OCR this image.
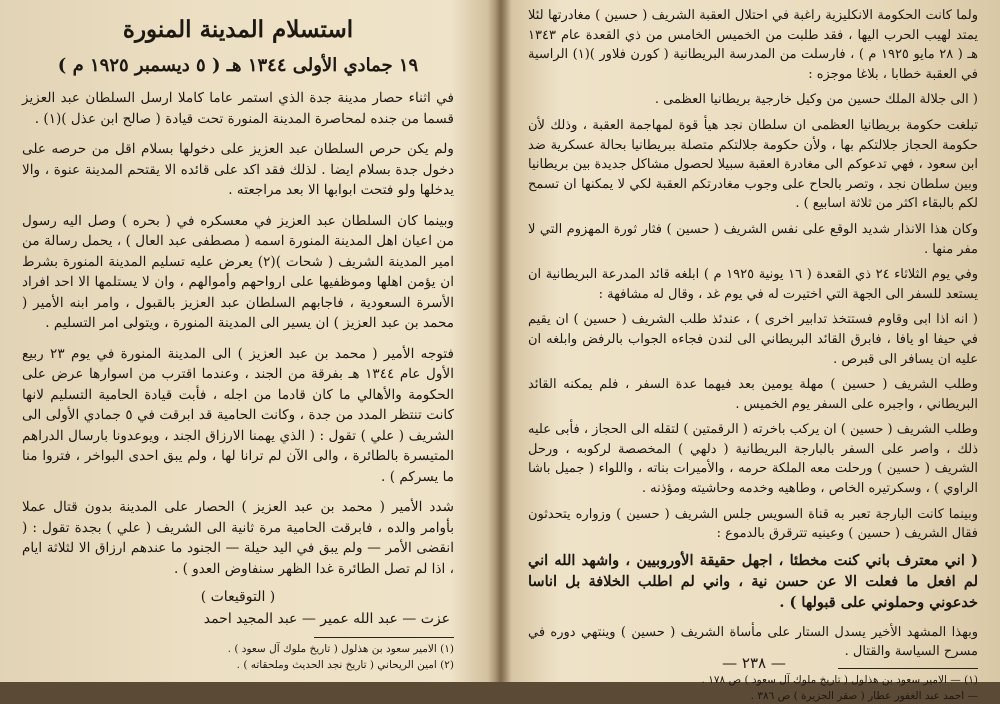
استسلام المدينة المنورة
١٩ جمادي الأولى ١٣٤٤ هـ ( ٥ ديسمبر ١٩٢٥ م )

في اثناء حصار مدينة جدة الذي استمر عاما كاملا ارسل السلطان عبد العزيز قسما من جنده لمحاصرة المدينة المنورة تحت قيادة ( صالح ابن عذل )(١) .

ولم يكن حرص السلطان عبد العزيز على دخولها بسلام اقل من حرصه على دخول جدة بسلام ايضا . لذلك فقد اكد على قائده الا يقتحم المدينة عنوة ، والا يدخلها ولو فتحت ابوابها الا بعد مراجعته .

وبينما كان السلطان عبد العزيز في معسكره في ( بحره ) وصل اليه رسول من اعيان اهل المدينة المنورة اسمه ( مصطفى عبد العال ) ، يحمل رسالة من امير المدينة الشريف ( شحات )(٢) يعرض عليه تسليم المدينة المنورة بشرط ان يؤمن اهلها وموظفيها على ارواحهم وأموالهم ، وان لا يستلمها الا احد افراد الأسرة السعودية ، فاجابهم السلطان عبد العزيز بالقبول ، وامر ابنه الأمير ( محمد بن عبد العزيز ) ان يسير الى المدينة المنورة ، ويتولى امر التسليم .

فتوجه الأمير ( محمد بن عبد العزيز ) الى المدينة المنورة في يوم ٢٣ ربيع الأول عام ١٣٤٤ هـ بفرقة من الجند ، وعندما اقترب من اسوارها عرض على الحكومة والأهالي ما كان قادما من اجله ، فأبت قيادة الحامية التسليم لانها كانت تنتظر المدد من جدة ، وكانت الحامية قد ابرقت في ٥ جمادي الأولى الى الشريف ( علي ) تقول : ( الذي يهمنا الارزاق الجند ، ويوعدونا بارسال الدراهم المتيسرة بالطائرة ، والى الآن لم ترانا لها ، ولم يبق احدى البواخر ، فتروا منا ما يسركم ) .

شدد الأمير ( محمد بن عبد العزيز ) الحصار على المدينة بدون قتال عملا بأوامر والده ، فابرقت الحامية مرة ثانية الى الشريف ( علي ) بجدة تقول : ( انقضى الأمر — ولم يبق في اليد حيلة — الجنود ما عندهم ارزاق الا لثلاثة ايام ، اذا لم تصل الطائرة غدا الظهر سنفاوض العدو ) .

( التوقيعات )
عزت — عبد الله عمير — عبد المجيد احمد
(١) الامير سعود بن هذلول ( تاريخ ملوك آل سعود ) .
(٢) امين الريحاني ( تاريخ نجد الحديث وملحقاته ) .

ولما كانت الحكومة الانكليزية راغبة في احتلال العقبة الشريف ( حسين ) مغادرتها لئلا يمتد لهيب الحرب اليها ، فقد طلبت من الخميس الخامس من ذي القعدة عام ١٣٤٣ هـ ( ٢٨ مايو ١٩٢٥ م ) ، فارسلت من المدرسة البريطانية ( كورن فلاور )(١) الراسية في العقبة خطابا ، بلاغا موجزه :

( الى جلالة الملك حسين من وكيل خارجية بريطانيا العظمى .

تبلغت حكومة بريطانيا العظمى ان سلطان نجد هيأ قوة لمهاجمة العقبة ، وذلك لأن حكومة الحجاز جلالتكم بها ، ولأن حكومة جلالتكم متصلة ببريطانيا بحالة عسكرية ضد ابن سعود ، فهي تدعوكم الى مغادرة العقبة سبيلا لحصول مشاكل جديدة بين بريطانيا وبين سلطان نجد ، وتصر بالحاح على وجوب مغادرتكم العقبة لكي لا يمكنها ان تسمح لكم بالبقاء اكثر من ثلاثة اسابيع ) .

وكان هذا الانذار شديد الوقع على نفس الشريف ( حسين ) فثار ثورة المهزوم التي لا مفر منها .

وفي يوم الثلاثاء ٢٤ ذي القعدة ( ١٦ يونية ١٩٢٥ م ) ابلغه قائد المدرعة البريطانية ان يستعد للسفر الى الجهة التي اختيرت له في يوم غد ، وقال له مشافهة :

( انه اذا ابى وقاوم فستتخذ تدابير اخرى ) ، عندئذ طلب الشريف ( حسين ) ان يقيم في حيفا او يافا ، فابرق القائد البريطاني الى لندن فجاءه الجواب بالرفض وابلغه ان عليه ان يسافر الى قبرص .

وطلب الشريف ( حسين ) مهلة يومين بعد فيهما عدة السفر ، فلم يمكنه القائد البريطاني ، واجبره على السفر يوم الخميس .

وطلب الشريف ( حسين ) ان يركب باخرته ( الرقمتين ) لتقله الى الحجاز ، فأبى عليه ذلك ، واصر على السفر بالبارجة البريطانية ( دلهي ) المخصصة لركوبه ، ورحل الشريف ( حسين ) ورحلت معه الملكة حرمه ، والأميرات بناته ، واللواء ( جميل باشا الراوي ) ، وسكرتيره الخاص ، وطاهيه وخدمه وحاشيته ومؤذنه .

وبينما كانت البارجة تعبر به قناة السويس جلس الشريف ( حسين ) وزواره يتحدثون فقال الشريف ( حسين ) وعينيه تترقرق بالدموع :

( اني معترف باني كنت مخطئا ، اجهل حقيقة الأوروبيين ، واشهد الله اني لم افعل ما فعلت الا عن حسن نية ، واني لم اطلب الخلافة بل اناسا خدعوني وحملوني على قبولها ) .

وبهذا المشهد الأخير يسدل الستار على مأساة الشريف ( حسين ) وينتهي دوره في مسرح السياسة والقتال .

(١) — الامير سعود بن هذلول ( تاريخ ملوك آل سعود ) ص ١٧٨ .
— احمد عبد الغفور عطار ( صقر الجزيرة ) ص ٣٨٦ .
— ٢٣٨ —
